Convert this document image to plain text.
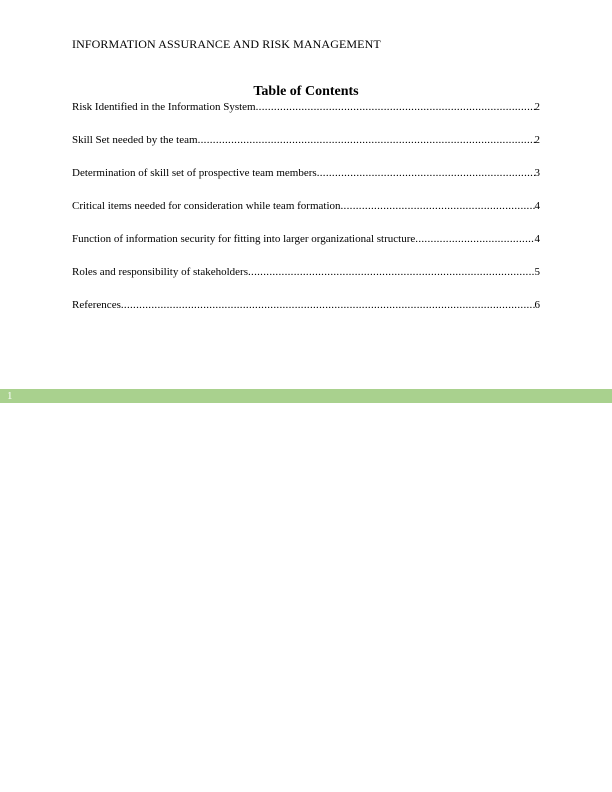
INFORMATION ASSURANCE AND RISK MANAGEMENT
Table of Contents
Risk Identified in the Information System .....	2
Skill Set needed by the team .....	2
Determination of skill set of prospective team members .....	3
Critical items needed for consideration while team formation .....	4
Function of information security for fitting into larger organizational structure .....	4
Roles and responsibility of stakeholders .....	5
References .....	6
1
